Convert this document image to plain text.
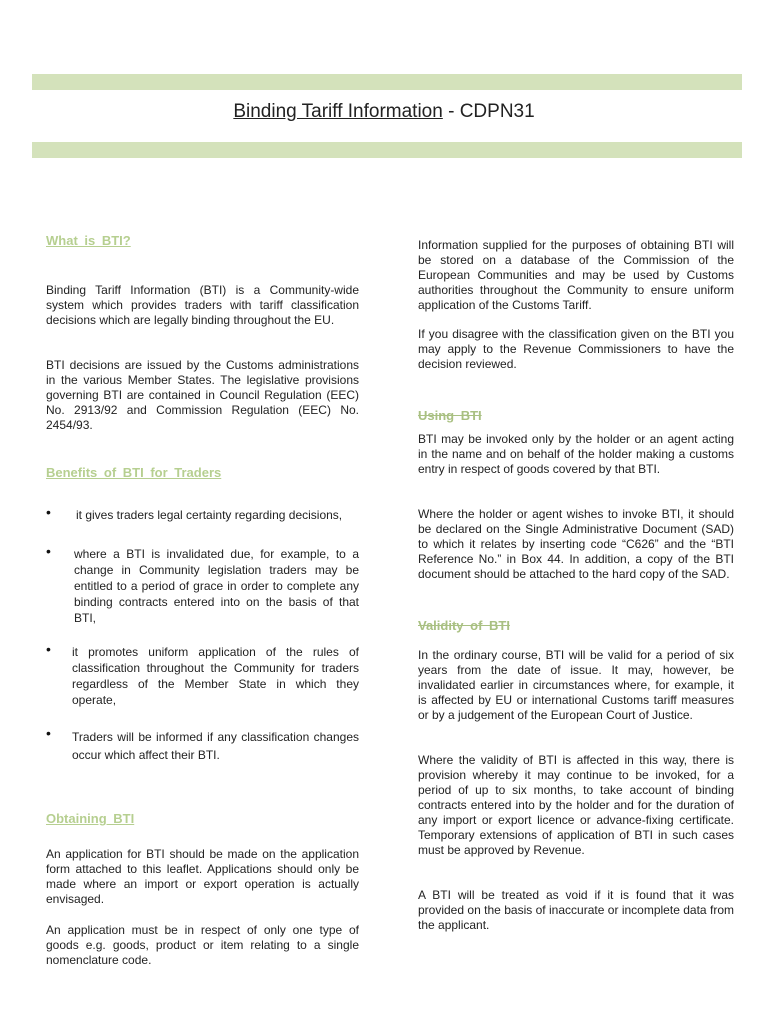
Binding Tariff Information - CDPN31
What is BTI?

Binding Tariff Information (BTI) is a Community-wide system which provides traders with tariff classification decisions which are legally binding throughout the EU.

BTI decisions are issued by the Customs administrations in the various Member States. The legislative provisions governing BTI are contained in Council Regulation (EEC) No. 2913/92 and Commission Regulation (EEC) No. 2454/93.

Benefits of BTI for Traders
• it gives traders legal certainty regarding decisions,

• where a BTI is invalidated due, for example, to a change in Community legislation traders may be entitled to a period of grace in order to complete any binding contracts entered into on the basis of that BTI,

• it promotes uniform application of the rules of classification throughout the Community for traders regardless of the Member State in which they operate,

• Traders will be informed if any classification changes occur which affect their BTI.

Obtaining BTI

An application for BTI should be made on the application form attached to this leaflet. Applications should only be made where an import or export operation is actually envisaged.

An application must be in respect of only one type of goods e.g. goods, product or item relating to a single nomenclature code.

Information supplied for the purposes of obtaining BTI will be stored on a database of the Commission of the European Communities and may be used by Customs authorities throughout the Community to ensure uniform application of the Customs Tariff.

If you disagree with the classification given on the BTI you may apply to the Revenue Commissioners to have the decision reviewed.

Using BTI

BTI may be invoked only by the holder or an agent acting in the name and on behalf of the holder making a customs entry in respect of goods covered by that BTI.

Where the holder or agent wishes to invoke BTI, it should be declared on the Single Administrative Document (SAD) to which it relates by inserting code “C626” and the “BTI Reference No.” in Box 44. In addition, a copy of the BTI document should be attached to the hard copy of the SAD.

Validity of BTI

In the ordinary course, BTI will be valid for a period of six years from the date of issue. It may, however, be invalidated earlier in circumstances where, for example, it is affected by EU or international Customs tariff measures or by a judgement of the European Court of Justice.

Where the validity of BTI is affected in this way, there is provision whereby it may continue to be invoked, for a period of up to six months, to take account of binding contracts entered into by the holder and for the duration of any import or export licence or advance-fixing certificate. Temporary extensions of application of BTI in such cases must be approved by Revenue.

A BTI will be treated as void if it is found that it was provided on the basis of inaccurate or incomplete data from the applicant.
